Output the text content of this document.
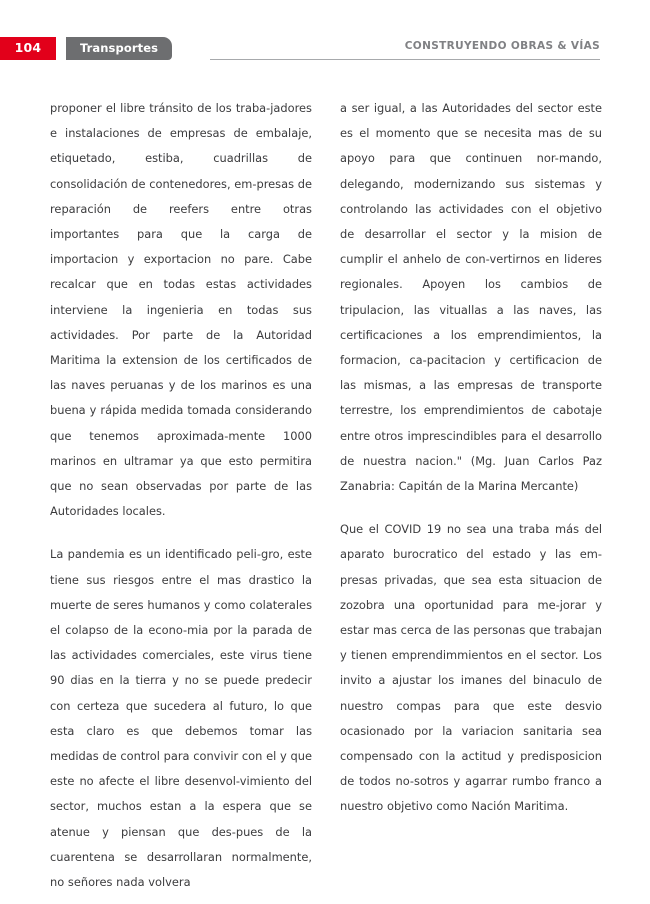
104	Transportes	CONSTRUYENDO OBRAS & VÍAS

proponer el libre tránsito de los traba-jadores e instalaciones de empresas de embalaje, etiquetado, estiba, cuadrillas de consolidación de contenedores, em-presas de reparación de reefers entre otras importantes para que la carga de importacion y exportacion no pare. Cabe recalcar que en todas estas actividades interviene la ingenieria en todas sus actividades. Por parte de la Autoridad Maritima la extension de los certificados de las naves peruanas y de los marinos es una buena y rápida medida tomada considerando que tenemos aproximada-mente 1000 marinos en ultramar ya que esto permitira que no sean observadas por parte de las Autoridades locales.

La pandemia es un identificado peli-gro, este tiene sus riesgos entre el mas drastico la muerte de seres humanos y como colaterales el colapso de la econo-mia por la parada de las actividades comerciales, este virus tiene 90 dias en la tierra y no se puede predecir con certeza que sucedera al futuro, lo que esta claro es que debemos tomar las medidas de control para convivir con el y que este no afecte el libre desenvol-vimiento del sector, muchos estan a la espera que se atenue y piensan que des-pues de la cuarentena se desarrollaran normalmente, no señores nada volvera

a ser igual, a las Autoridades del sector este es el momento que se necesita mas de su apoyo para que continuen nor-mando, delegando, modernizando sus sistemas y controlando las actividades con el objetivo de desarrollar el sector y la mision de cumplir el anhelo de con-vertirnos en lideres regionales. Apoyen los cambios de tripulacion, las vituallas a las naves, las certificaciones a los emprendimientos, la formacion, ca-pacitacion y certificacion de las mismas, a las empresas de transporte terrestre, los emprendimientos de cabotaje entre otros imprescindibles para el desarrollo de nuestra nacion." (Mg. Juan Carlos Paz Zanabria: Capitán de la Marina Mercante)

Que el COVID 19 no sea una traba más del aparato burocratico del estado y las em-presas privadas, que sea esta situacion de zozobra una oportunidad para me-jorar y estar mas cerca de las personas que trabajan y tienen emprendimmientos en el sector. Los invito a ajustar los imanes del binaculo de nuestro compas para que este desvio ocasionado por la variacion sanitaria sea compensado con la actitud y predisposicion de todos no-sotros y agarrar rumbo franco a nuestro objetivo como Nación Maritima.
